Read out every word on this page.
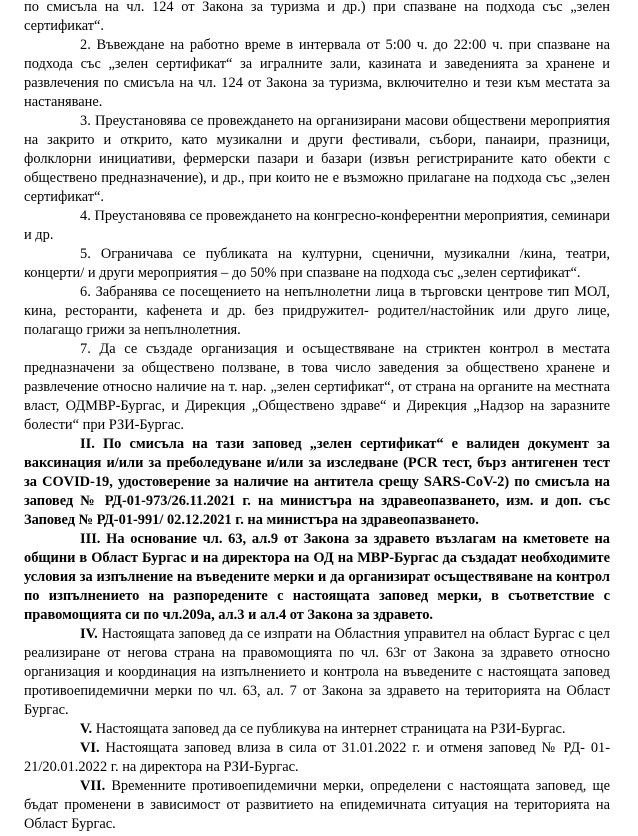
по смисъла на чл. 124 от Закона за туризма и др.) при спазване на подхода със „зелен сертификат“.

2. Въвеждане на работно време в интервала от 5:00 ч. до 22:00 ч. при спазване на подхода със „зелен сертификат“ за игралните зали, казината и заведенията за хранене и развлечения по смисъла на чл. 124 от Закона за туризма, включително и тези към местата за настаняване.

3. Преустановява се провеждането на организирани масови обществени мероприятия на закрито и открито, като музикални и други фестивали, събори, панаири, празници, фолклорни инициативи, фермерски пазари и базари (извън регистрираните като обекти с обществено предназначение), и др., при които не е възможно прилагане на подхода със „зелен сертификат“.

4. Преустановява се провеждането на конгресно-конферентни мероприятия, семинари и др.

5. Ограничава се публиката на културни, сценични, музикални /кина, театри, концерти/ и други мероприятия – до 50% при спазване на подхода със „зелен сертификат“.

6. Забранява се посещението на непълнолетни лица в търговски центрове тип МОЛ, кина, ресторанти, кафенета и др. без придружител- родител/настойник или друго лице, полагащо грижи за непълнолетния.

7. Да се създаде организация и осъществяване на стриктен контрол в местата предназначени за обществено ползване, в това число заведения за обществено хранене и развлечение относно наличие на т. нар. „зелен сертификат“, от страна на органите на местната власт, ОДМВР-Бургас, и Дирекция „Обществено здраве“ и Дирекция „Надзор на заразните болести“ при РЗИ-Бургас.

II. По смисъла на тази заповед „зелен сертификат“ е валиден документ за ваксинация и/или за преболедуване и/или за изследване (PCR тест, бърз антигенен тест за COVID-19, удостоверение за наличие на антитела срещу SARS-CoV-2) по смисъла на заповед № РД-01-973/26.11.2021 г. на министъра на здравеопазването, изм. и доп. със Заповед № РД-01-991/ 02.12.2021 г. на министъра на здравеопазването.

III. На основание чл. 63, ал.9 от Закона за здравето възлагам на кметовете на общини в Област Бургас и на директора на ОД на МВР-Бургас да създадат необходимите условия за изпълнение на въведените мерки и да организират осъществяване на контрол по изпълнението на разпоредените с настоящата заповед мерки, в съответствие с правомощията си по чл.209а, ал.3 и ал.4 от Закона за здравето.

IV. Настоящата заповед да се изпрати на Областния управител на област Бургас с цел реализиране от негова страна на правомощията по чл. 63г от Закона за здравето относно организация и координация на изпълнението и контрола на въведените с настоящата заповед противоепидемични мерки по чл. 63, ал. 7 от Закона за здравето на територията на Област Бургас.

V. Настоящата заповед да се публикува на интернет страницата на РЗИ-Бургас.

VI. Настоящата заповед влиза в сила от 31.01.2022 г. и отменя заповед № РД- 01-21/20.01.2022 г. на директора на РЗИ-Бургас.

VII. Временните противоепидемични мерки, определени с настоящата заповед, ще бъдат променени в зависимост от развитието на епидемичната ситуация на територията на Област Бургас.
